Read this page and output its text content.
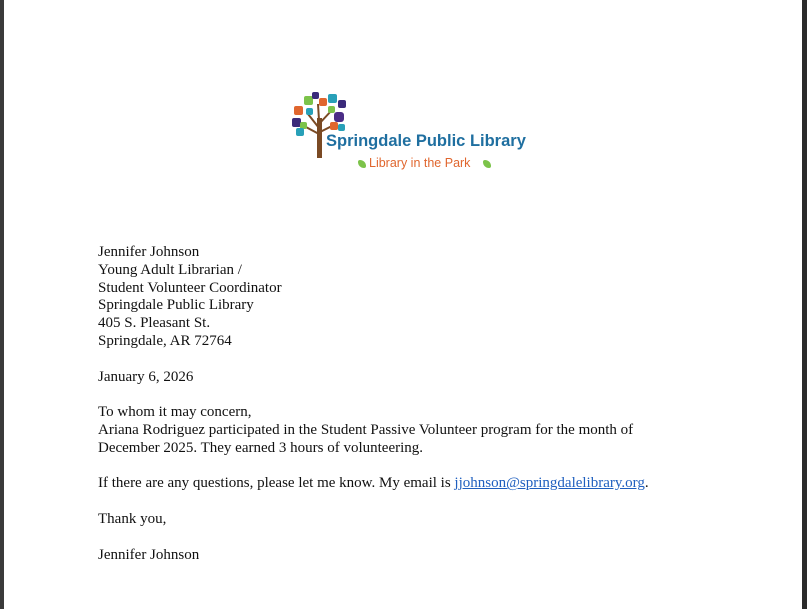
Springdale Public Library
Library in the Park

Jennifer Johnson

Young Adult Librarian /

Student Volunteer Coordinator

Springdale Public Library

405 S. Pleasant St.

Springdale, AR 72764

January 6, 2026

To whom it may concern,

Ariana Rodriguez participated in the Student Passive Volunteer program for the month of

December 2025. They earned 3 hours of volunteering.

If there are any questions, please let me know. My email is jjohnson@springdalelibrary.org.

Thank you,

Jennifer Johnson
